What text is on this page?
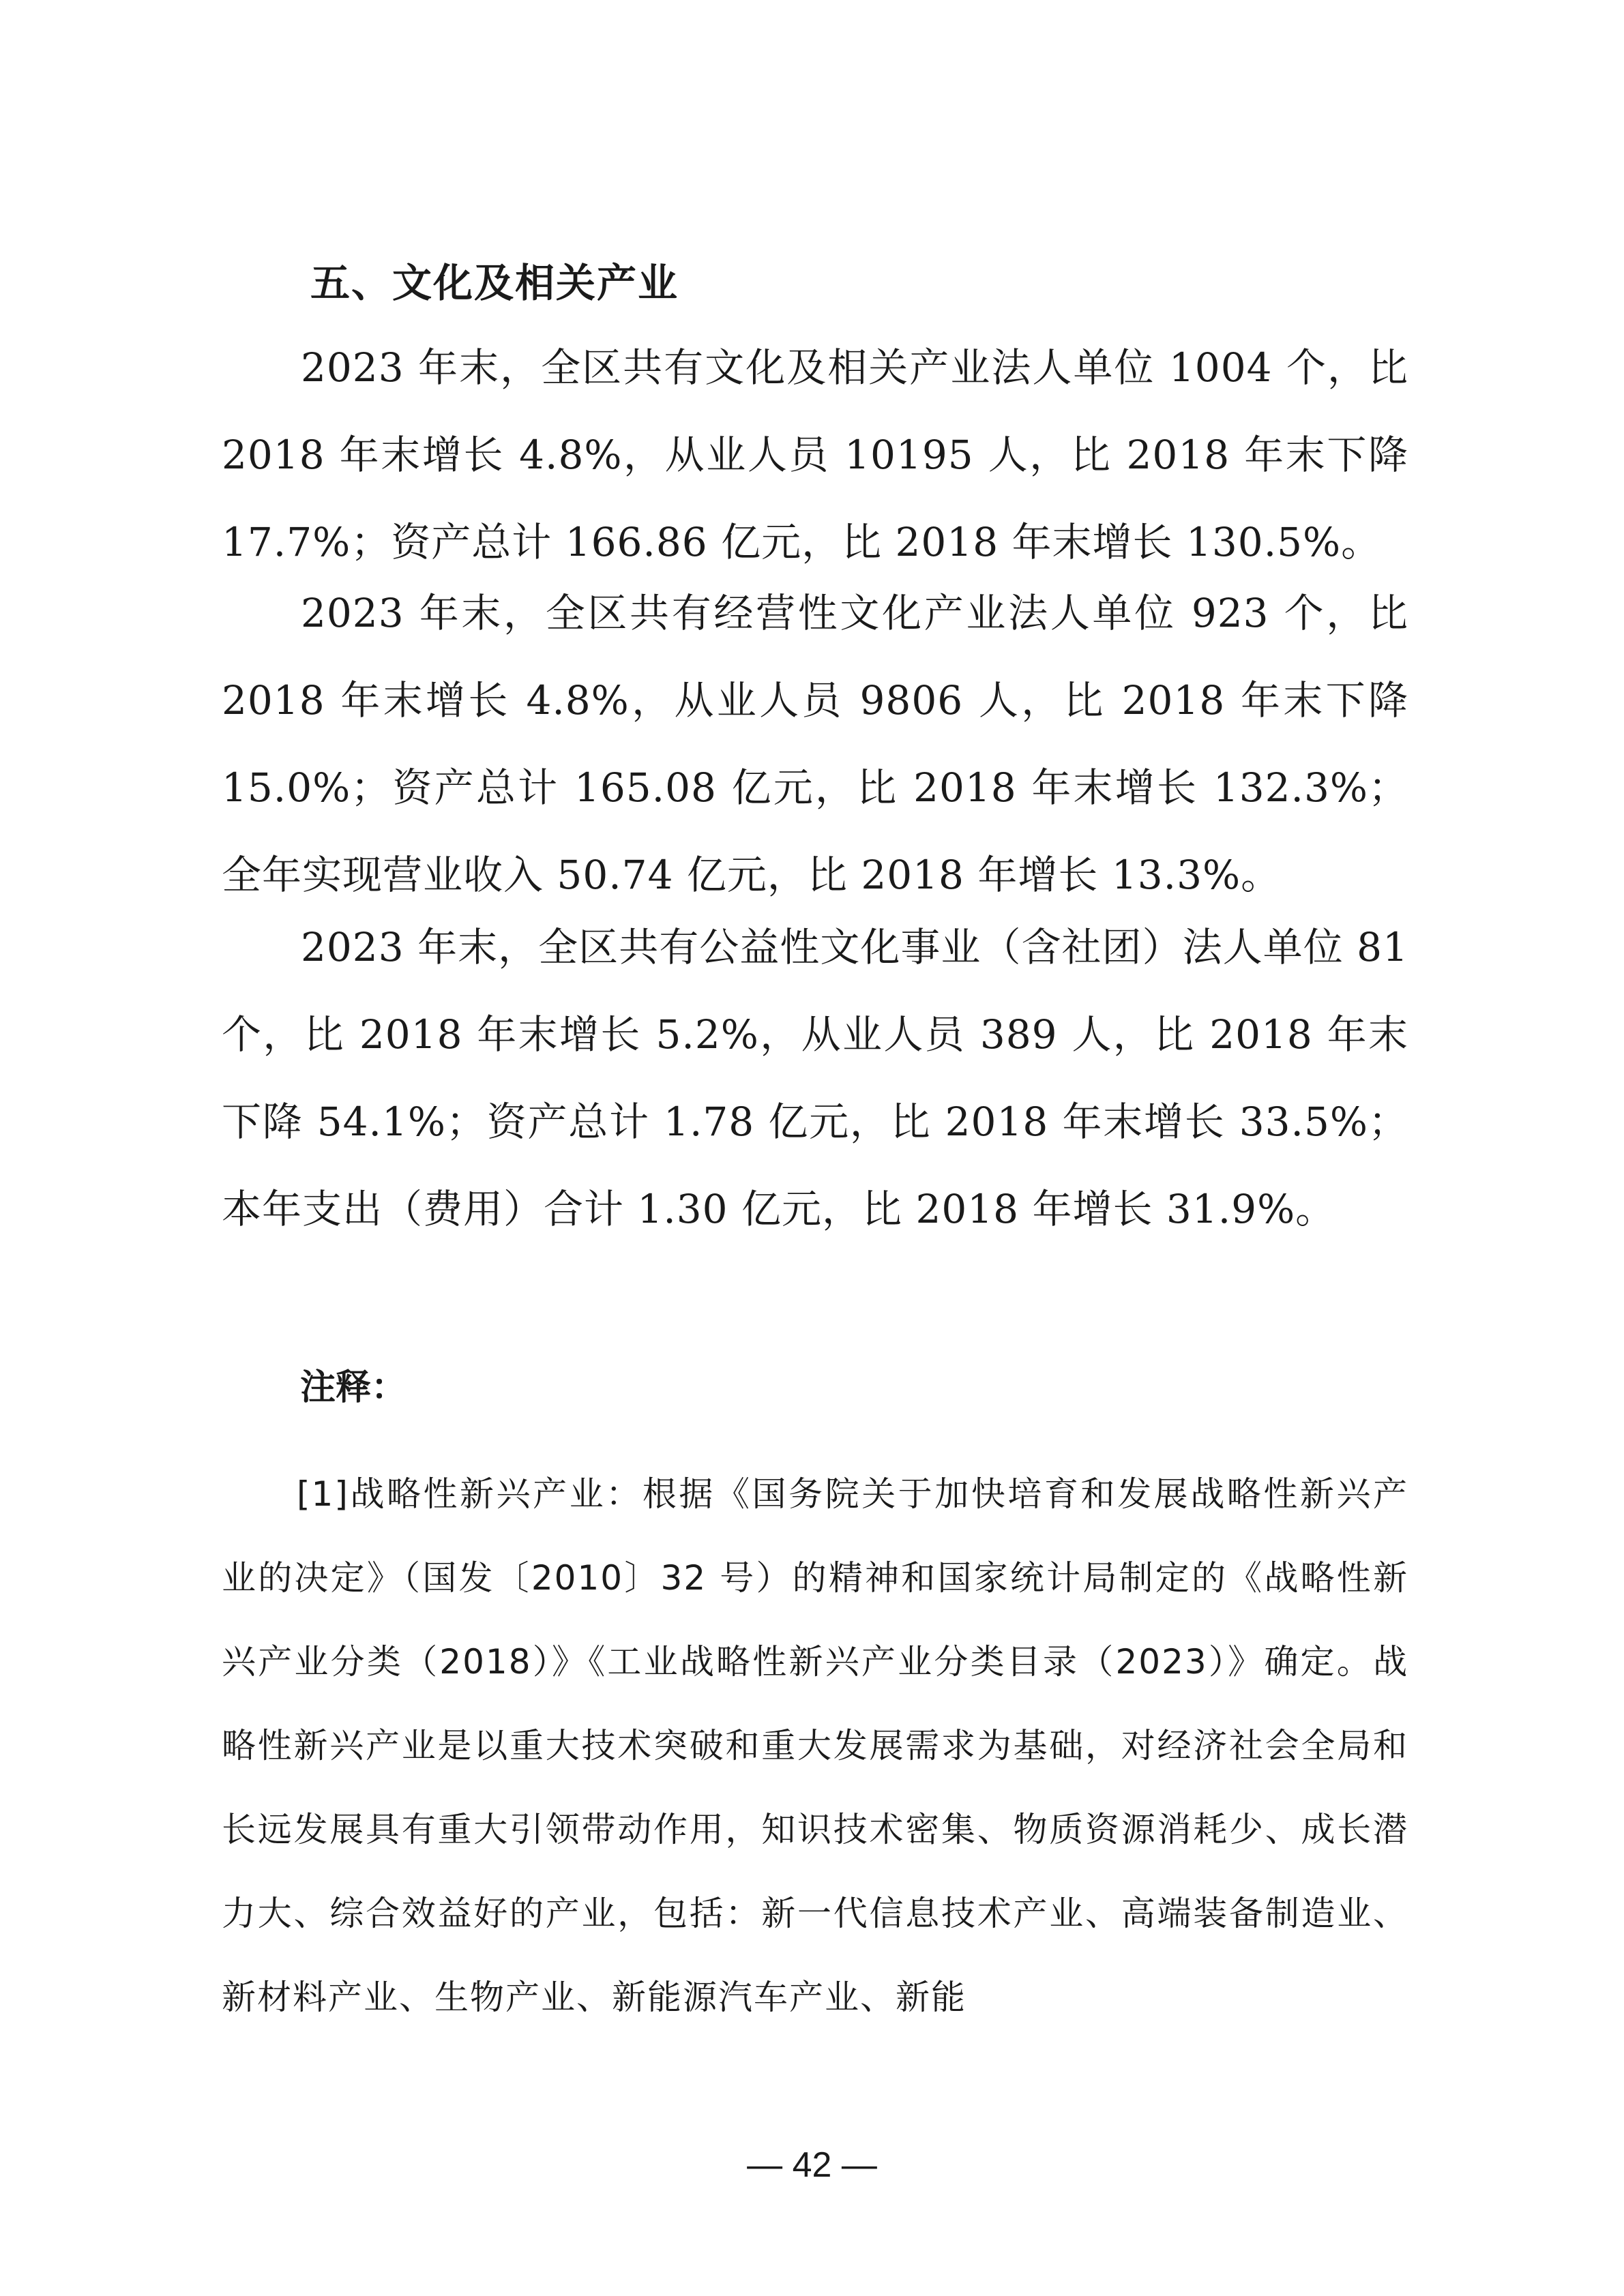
五、文化及相关产业

2023 年末，全区共有文化及相关产业法人单位 1004 个，比 2018 年末增长 4.8%，从业人员 10195 人，比 2018 年末下降 17.7%；资产总计 166.86 亿元，比 2018 年末增长 130.5%。

2023 年末，全区共有经营性文化产业法人单位 923 个，比 2018 年末增长 4.8%，从业人员 9806 人，比 2018 年末下降 15.0%；资产总计 165.08 亿元，比 2018 年末增长 132.3%；全年实现营业收入 50.74 亿元，比 2018 年增长 13.3%。

2023 年末，全区共有公益性文化事业（含社团）法人单位 81 个，比 2018 年末增长 5.2%，从业人员 389 人，比 2018 年末下降 54.1%；资产总计 1.78 亿元，比 2018 年末增长 33.5%；本年支出（费用）合计 1.30 亿元，比 2018 年增长 31.9%。

注释：

[1]战略性新兴产业：根据《国务院关于加快培育和发展战略性新兴产业的决定》（国发〔2010〕32 号）的精神和国家统计局制定的《战略性新兴产业分类（2018）》《工业战略性新兴产业分类目录（2023）》确定。战略性新兴产业是以重大技术突破和重大发展需求为基础，对经济社会全局和长远发展具有重大引领带动作用，知识技术密集、物质资源消耗少、成长潜力大、综合效益好的产业，包括：新一代信息技术产业、高端装备制造业、新材料产业、生物产业、新能源汽车产业、新能

— 42 —
